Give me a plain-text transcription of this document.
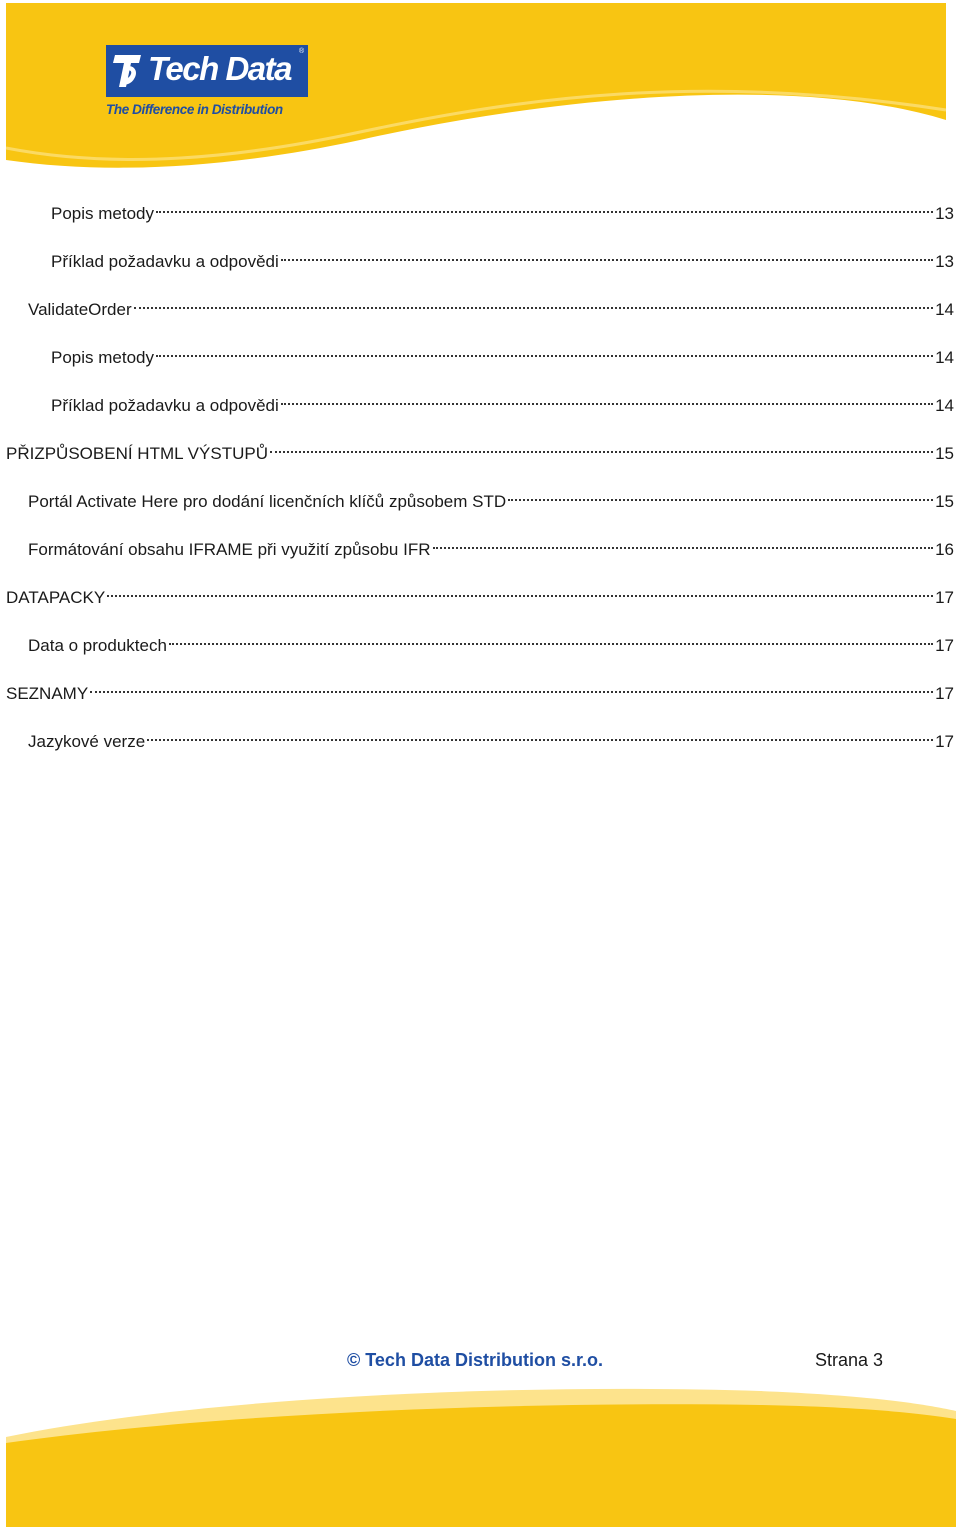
Tech Data ®
The Difference in Distribution
Popis metody	13
Příklad požadavku a odpovědi	13
ValidateOrder	14
Popis metody	14
Příklad požadavku a odpovědi	14
PŘIZPŮSOBENÍ HTML VÝSTUPŮ	15
Portál Activate Here pro dodání licenčních klíčů způsobem STD	15
Formátování obsahu IFRAME při využití způsobu IFR	16
DATAPACKY	17
Data o produktech	17
SEZNAMY	17
Jazykové verze	17
© Tech Data Distribution s.r.o.	Strana 3
